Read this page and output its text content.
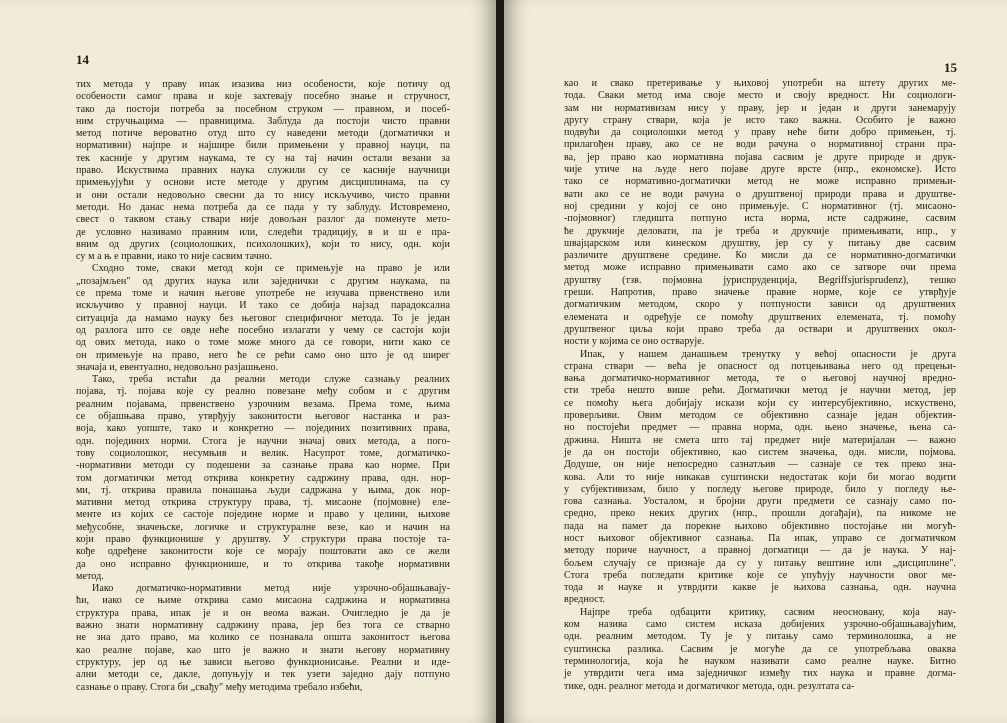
14
тих метода у праву ипак изазива низ особености, које потичу од
особености самог права и које захтевају посебно знање и стручност,
тако да постоји потреба за посебном струком — правном, и посеб-
ним стручњацима — правницима. Заблуда да постоји чисто правни
метод потиче вероватно отуд што су наведени методи (догматички и
нормативни) најпре и најшире били примењени у правној науци, па
тек касније у другим наукама, те су на тај начин остали везани за
право. Искуствима правних наука служили су се касније научници
примењујући у основи исте методе у другим дисциплинама, па су
и они остали недовољно свесни да то нису искључиво, чисто правни
методи. Но данас нема потреба да се пада у ту заблуду. Истовремено,
свест о таквом стању ствари није довољан разлог да поменуте мето-
де условно називамо правним или, следећи традицију, в и ш е пра-
вним од других (социолошких, психолошких), који то нису, одн. који
су м а њ е правни, иако то није сасвим тачно.
Сходно томе, сваки метод који се примењује на право је или
„позајмљен" од других наука или заједнички с другим наукама, па
се према томе и начин његове употребе не изучава првенствено или
искључиво у правној науци. И такo се добија најзад парадоксална
ситуација да нaмaмо науку без његовог специфичног метода. То је један
од разлога што се овде неће посебно излагати у чему се састоји који
од ових метода, иако о томе може много да се говори, нити како се
он примењује на право, него ће се рећи само оно што је од ширег
значаја и, евентуално, недовољно разјашњено.
Тако, треба истаћи да реални методи служе сазнању реалних
појава, тј. појава које су реално повезане међу собом и с другим
реалним појавама, првенствено узрочним везама. Према томе, њима
се објашњава право, утврђују законитости његовог настанка и раз-
воја, како уопште, тако и конкретно — појединих позитивних права,
одн. појединих норми. Стога је научни значај ових метода, а пого-
тову социолошког, несумњив и велик. Насупрот томе, догматичко-
-нормативни методи су подешени за сазнање права као норме. При
том догматички метод открива конкретну садржину права, одн. нор-
ми, тј. открива правила понашања људи садржана у њима, док нор-
мативни метод открива структуру права, тј. мисаоне (појмовне) еле-
менте из којих се састоје поједине норме и право у целини, њихове
међусобне, значењске, логичке и структуралне везе, као и начин на
који право функционише у друштву. У структури права постоје та-
кође одређене законитости које се морају поштовати ако се жели
да оно исправно функционише, и то открива такође нормативни
метод.
Иако догматичко-нормативни метод није узрочно-објашњавају-
ћи, иако се њиме открива само мисаона садржина и нормативна
структура права, ипак је и он веома важан. Очигледно је да је
важно знати нормативну садржину права, јер без тога се стварно
не зна дато право, ма колико се познавала општа законитост његова
као реалне појаве, као што је важно и знати његову нормативну
структуру, јер од ње зависи његово функционисање. Реални и иде-
ални методи се, дакле, допуњују и тек узети заједно дају потпуно
сазнање о праву. Стога би „свађу" међу методима требало избећи,
15
као и свако претеривање у њиховој употреби на штету других ме-
тода. Сваки метод има своје место и своју вредност. Ни социологи-
зам ни нормативизам нису у праву, јер и један и други занемарују
другу страну ствари, која је исто тако важна. Особито је важно
подвући да социолошки метод у праву неће бити добро примењен, тј.
прилагођен праву, ако се не води рачуна о нормативној страни пра-
ва, јер право као нормативна појава сасвим је друге природе и друк-
чије утиче на људе него појаве друге врсте (нпр., економске). Исто
тако се нормативно-догматички метод не може исправно примењи-
вати ако се не води рачуна о друштвеној природи права и друштве-
ној средини у којој се оно примењује. С нормативног (тј. мисаоно-
-појмовног) гледишта потпуно иста норма, исте садржине, сасвим
ће друкчије деловати, па је треба и друкчије примењивати, нпр., у
швајцарском или кинеском друштву, јер су у питању две сасвим
различите друштвене средине. Ко мисли да се нормативно-догматички
метод може исправно примењивати само ако се затворе очи према
друштву (тзв. појмовна јуриспруденција, Begriffsjurisprudenz), тешко
греши. Напротив, право значење правне норме, које се утврђује
догматичким методом, скоро у потпуности зависи од друштвених
елемената и одређује се помоћу друштвених елемената, тј. помоћу
друштвеног циља који право треба да оствари и друштвених окол-
ности у којима се оно остварује.
Ипак, у нашем данашњем тренутку у већој опасности је друга
страна ствари — већа је опасност од потцењивања него од прецењи-
вања догматичко-нормативног метода, те о његовој научној вредно-
сти треба нешто више рећи. Догматички метод је научни метод, јер
се помоћу њега добијају искази који су интерсубјективно, искуствено,
проверљиви. Овим методом се објективно сазнаје један објектив-
но постојећи предмет — правна норма, одн. њено значење, њена са-
држина. Ништа не смета што тај предмет није материјалан — важно
је да он постоји објективно, као систем значења, одн. мисли, појмова.
Додуше, он није непосредно сазнатљив — сазнаје се тек преко зна-
кова. Али то није никакав суштински недостатак који би могао водити
у субјективизам, било у погледу његове природе, било у погледу ње-
гова сазнања. Уосталом, и бројни други предмети се сазнају само по-
средно, преко неких других (нпр., прошли догађаји), па никоме не
пада на памет да порекне њихово објективно постојање ни могућ-
ност њиховог објективног сазнања. Па ипак, управо се догматичком
методу пориче научност, а правној догматици — да је наука. У нај-
бољем случају се признаје да су у питању вештине или „дисциплине".
Стога треба погледати критике које се упућују научности овог ме-
тода и науке и утврдити какве је њихова сазнања, одн. научна
вредност.
Најпре треба одбацити критику, сасвим неосновану, која нау-
ком назива само систем исказа добијених узрочно-објашњавајућим,
одн. реалним методом. Ту је у питању само терминолошка, а не
суштинска разлика. Сасвим је могуће да се употребљава оваква
терминологија, која ће науком називати само реалне науке. Битно
је утврдити чега има заједничког између тих наука и правне догма-
тике, одн. реалног метода и догматичког метода, одн. резултата са-
